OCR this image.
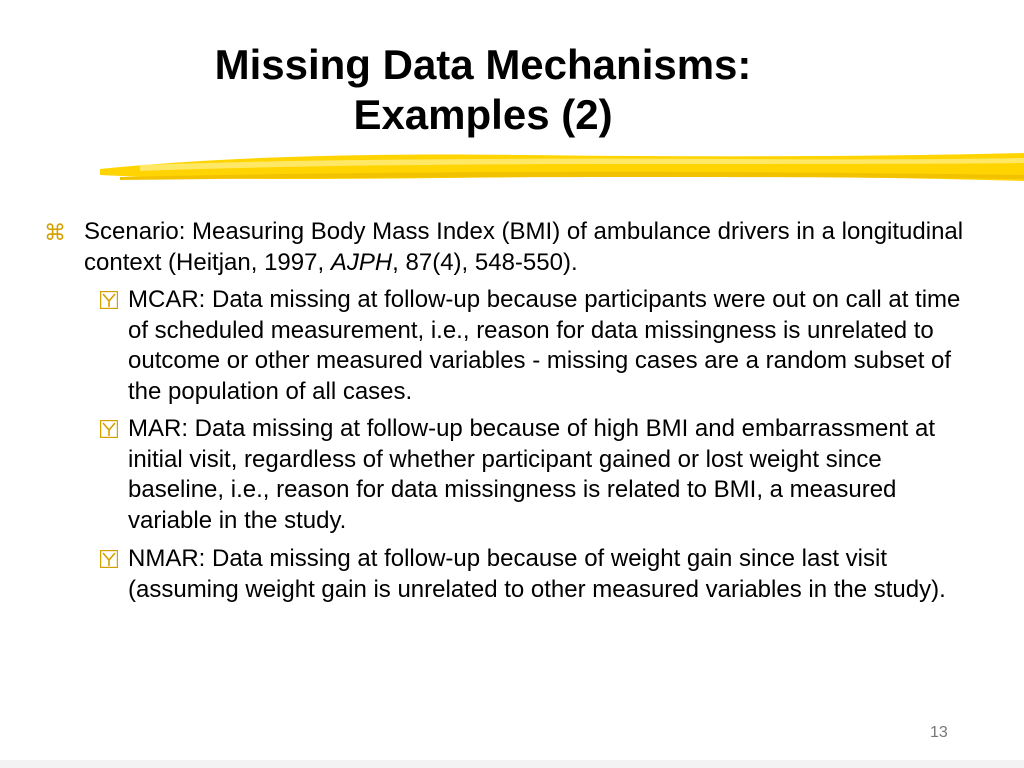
Missing Data Mechanisms:
Examples (2)
⌘ Scenario: Measuring Body Mass Index (BMI) of ambulance drivers in a longitudinal context (Heitjan, 1997, AJPH, 87(4), 548-550).
MCAR: Data missing at follow-up because participants were out on call at time of scheduled measurement, i.e., reason for data missingness is unrelated to outcome or other measured variables - missing cases are a random subset of the population of all cases.
MAR: Data missing at follow-up because of high BMI and embarrassment at initial visit, regardless of whether participant gained or lost weight since baseline, i.e., reason for data missingness is related to BMI, a measured variable in the study.
NMAR: Data missing at follow-up because of weight gain since last visit (assuming weight gain is unrelated to other measured variables in the study).
13
